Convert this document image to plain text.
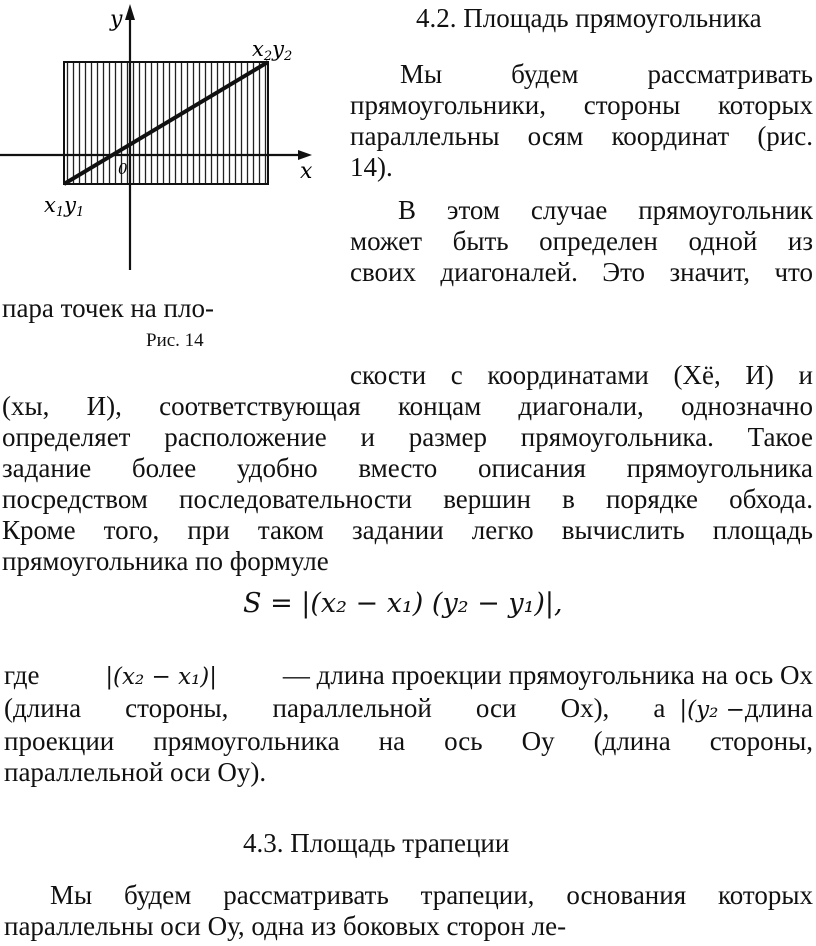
y
x
0
x2y2
x1y1
Рис. 14
4.2. Площадь прямоугольника
Мы будем рассматривать
прямоугольники, стороны которых
параллельны осям координат (рис.
14).
В этом случае прямоугольник
может быть определен одной из
своих диагоналей. Это значит, что
пара точек на пло-
скости с координатами (Хё, И) и
(хы, И), соответствующая концам диагонали, однозначно
определяет расположение и размер прямоугольника. Такое
задание более удобно вместо описания прямоугольника
посредством последовательности вершин в порядке обхода.
Кроме того, при таком задании легко вычислить площадь
прямоугольника по формуле
S = |(x₂ − x₁) (y₂ − y₁)|,
где	|(x₂ − x₁)| — длина проекции прямоугольника на ось Ох
(длина стороны, параллельной оси Ох), а |(y₂ − длина
проекции прямоугольника на ось Оу (длина стороны,
параллельной оси Оу).
4.3. Площадь трапеции
Мы будем рассматривать трапеции, основания которых
параллельны оси Оу, одна из боковых сторон ле-
